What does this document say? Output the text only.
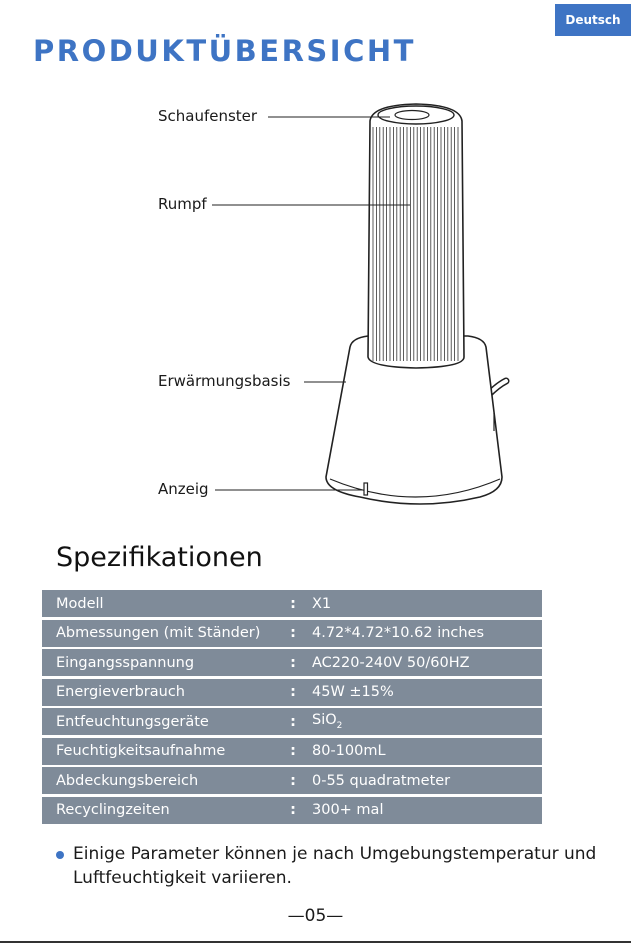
Deutsch
PRODUKTÜBERSICHT
Schaufenster
Rumpf
Erwärmungsbasis
Anzeig
Spezifikationen
Modell	:	X1
Abmessungen (mit Ständer)	:	4.72*4.72*10.62 inches
Eingangsspannung	:	AC220-240V 50/60HZ
Energieverbrauch	:	45W ±15%
Entfeuchtungsgeräte	:	SiO$_2$
Feuchtigkeitsaufnahme	:	80-100mL
Abdeckungsbereich	:	0-55 quadratmeter
Recyclingzeiten	:	300+ mal
Einige Parameter können je nach Umgebungstemperatur und Luftfeuchtigkeit variieren.
—05—
